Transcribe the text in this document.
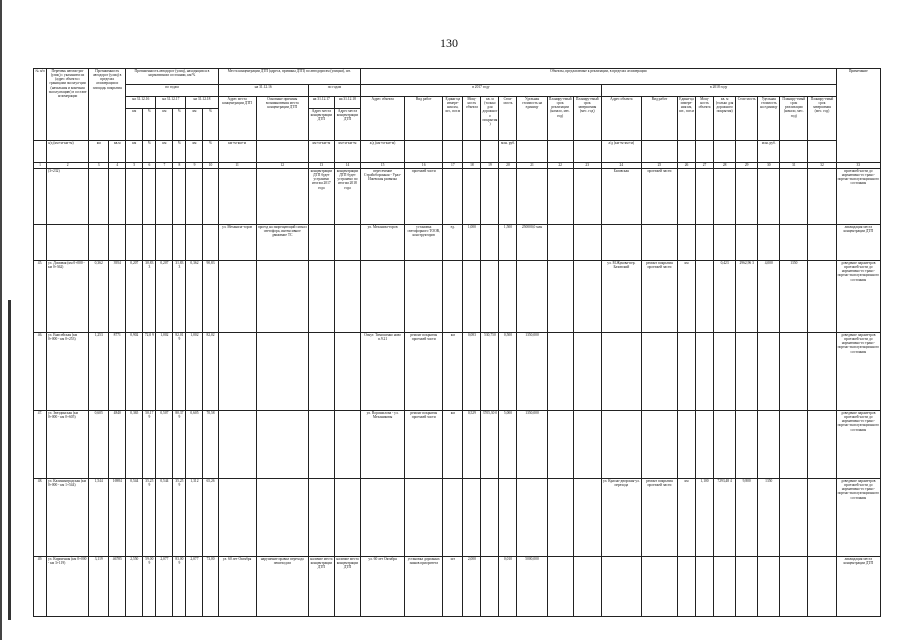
130
№ п/п	Перечень автомо-рог (улиц) с указанием их (адрес объекта с границами эксплуа-ции (начальная и конечная эксплуатацию) в составе агломерации	Протяженность автодорог (улиц) в пределах агломерации и площадь покрытия		Протяженность автодорог (улиц), находящихся в нормативном состоянии, км/%						Места концентрации ДТП (адреса, причины ДТП) по автодорогам (улицам), шт.				Объекты, предлагаемые к реализации, в пределах агломерации																		Примечание
				по годам						на 31.12.16		по годам		в 2017 году									в 2018 году									
				на 31.12.16		на 31.12.17		на 31.12.18		Адрес места концентрации ДТП	Основные причины возникновения места концентрации ДТП	на 31.12.17	на 31.12.18	Адрес объекта	Вид работ	Едини-ца измере-ния км, шт., пог.м	Мощ-ность объекта	кв. м (только для дорожного покрытия)	Стои-мость	Удельная стоимость на единицу	Планиру-емый срок реализации (начало, мес. год)	Планиру-емый срок завершения (мес. год)	Адрес объекта	Вид работ	Едини-ца измере-ния км, шт., пог.м	Мощ-ность объекта	кв. м (только для дорожного покрытия)	Стои-мость	Удельная стоимость на единицу	Планиру-емый срок реализации (начало, мес. год)	Планиру-емый срок завершения (мес. год)	
				км	%	км	%	км	%			Адрес места концентрации ДТП	Адрес места концентрации ДТП																			
	а/д (км+м-км+м)	км	кв.м	км	%	км	%	км	%	км+м-км+м		км+м-км+м	км+м-км+м	а/д (км+м-км+м)					млн. руб.				а/д (км+м-км+м)						млн. руб.			
1	2	3	4	5	6	7	8	9	10	11	12	13	14	15	16	17	18	19	20	21	22	23	24	25	26	27	28	29	30	31	32	33
	(3+232)											концентрации ДТП будет устранено итогам 2017 года	концентрации ДТП будет устранено по итогам 2018 года	пересечение Стройоборонная - Урал-Ижевская развязка	проезжей части								Базовская	проезжей части								проезжей части до нормативно-го транс-портно-эксплуатационного состояния
										ул. Механиза-торов	проезд на запрещающий сигнал светофора, интенсивное движение ТС			ул. Механиза-торов	установка светофорного ТООВ, конструкторов	ед.	1,000		1,500	250000,0 млн												ликвидация места концентрации ДТП
45.	ул. Домовая (км 0+000 - км 0+362)	0,362	3954	0,207	30,83 3	0,207	31,83 3	0,362	90,83														ул. М.Жукова-пер. Базовский	ремонт покрытия проезжей части	км		0,423	2962,96 3	4,000	1350		доведение параметров проезжей части до нормативно-го транс-портно-эксплуатационного состояния
46.	ул. Енисейская (км 0+000 - км 0+253)	1,253	8771	0,902	72,0 9	1,002	82,01 9	1,002	82,02					Огнут. Тимошенко ново п.9.21	ремонт покрытия проезжей части	км	0,083	530,750	0,500	1350,000												доведение параметров проезжей части до нормативно-го транс-портно-эксплуатационного состояния
47.	ул. Звездинская (км 0+000 - км 0+605)	0,605	4840	0,365	50,17 9	0,507	80,37 9	0,605	70,58					ул. Ворошилова - ул. Механиковы	ремонт покрытия проезжей части	км	0,529	3705,30 0	5,000	1350,000												доведение параметров проезжей части до нормативно-го транс-портно-эксплуатационного состояния
48.	ул. Калининградская (км 0+000 - км 1+544)	1,544	16984	0,544	35,25 9	0,544	35,25 9	1,312	65,26														ул. Красно-дворская-ул. перехода	ремонт покрытия проезжей части	км	1,100	7293,48 4	9,800	1350			доведение параметров проезжей части до нормативно-го транс-портно-эксплуатационного состояния
49.	ул. Кирпичная (км 0+000 - км 3+119)	3,119	46785	2,550	59,00 9	2,077	83,00 9	2,077	73,00	ул. 60 лет Октября	нарушение правил перехода пешеходом	наличие места концентрации ДТП	наличие места концентрации ДТП	ул. 60 лет Октября	установка дорожных знаков приоритета	шт	2,000		0,010	5000,000												ликвидация места концентрации ДТП
